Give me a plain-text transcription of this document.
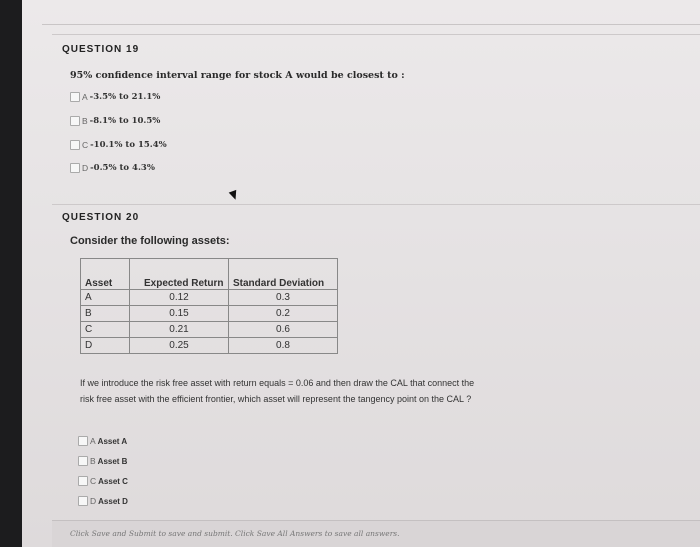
QUESTION 19
95% confidence interval range for stock A would be closest to :
A -3.5% to 21.1%
B -8.1% to 10.5%
C -10.1% to 15.4%
D -0.5% to 4.3%
QUESTION 20
Consider the following assets:
Asset	Expected Return	Standard Deviation
A	0.12	0.3
B	0.15	0.2
C	0.21	0.6
D	0.25	0.8
If we introduce the risk free asset with return equals = 0.06 and then draw the CAL that connect the
risk free asset with the efficient frontier, which asset will represent the tangency point on the CAL ?
A Asset A
B Asset B
C Asset C
D Asset D
Click Save and Submit to save and submit. Click Save All Answers to save all answers.
